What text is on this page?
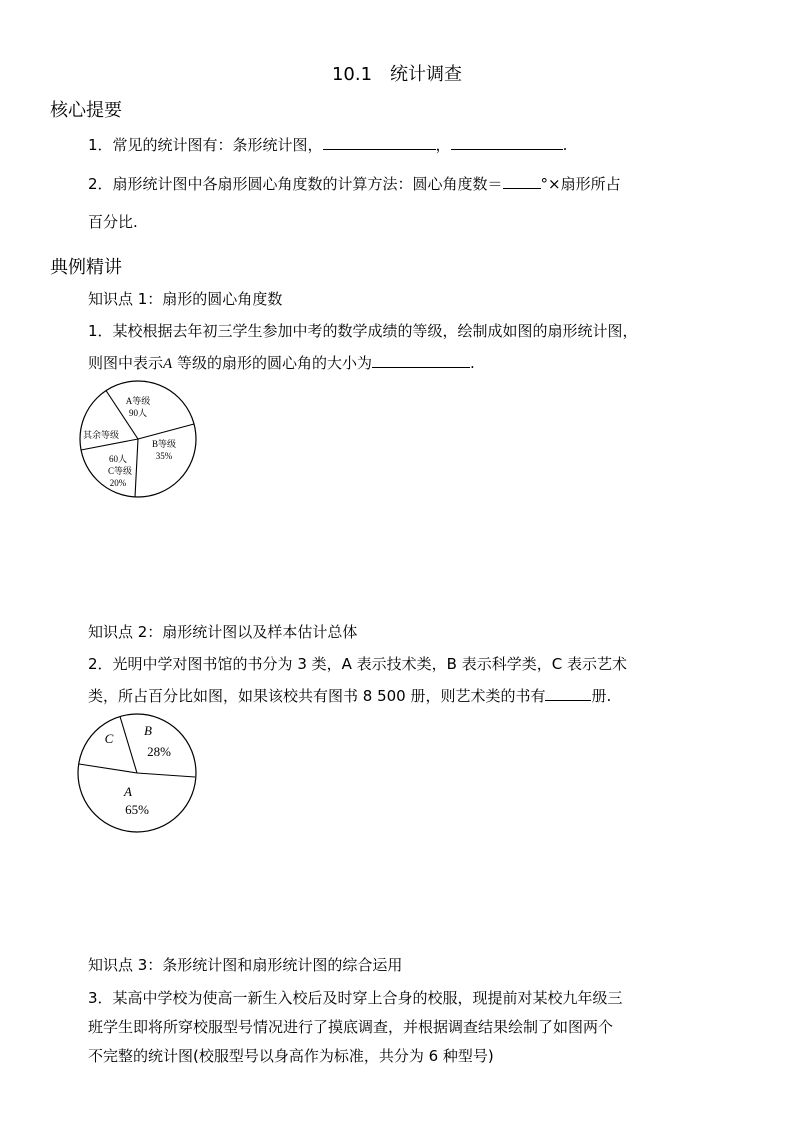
10.1　统计调查
核心提要
1．常见的统计图有：条形统计图，	，	.
2．扇形统计图中各扇形圆心角度数的计算方法：圆心角度数＝	°×扇形所占
百分比.
典例精讲
知识点 1：扇形的圆心角度数
1．某校根据去年初三学生参加中考的数学成绩的等级，绘制成如图的扇形统计图，
则图中表示A 等级的扇形的圆心角的大小为	.
A等级
90人
B等级
35%
其余等级
60人
C等级
20%
知识点 2：扇形统计图以及样本估计总体
2．光明中学对图书馆的书分为 3 类，A 表示技术类，B 表示科学类，C 表示艺术
类，所占百分比如图，如果该校共有图书 8 500 册，则艺术类的书有	册.
B
28%
C
A
65%
知识点 3：条形统计图和扇形统计图的综合运用
3．某高中学校为使高一新生入校后及时穿上合身的校服，现提前对某校九年级三
班学生即将所穿校服型号情况进行了摸底调查，并根据调查结果绘制了如图两个
不完整的统计图(校服型号以身高作为标准，共分为 6 种型号)
